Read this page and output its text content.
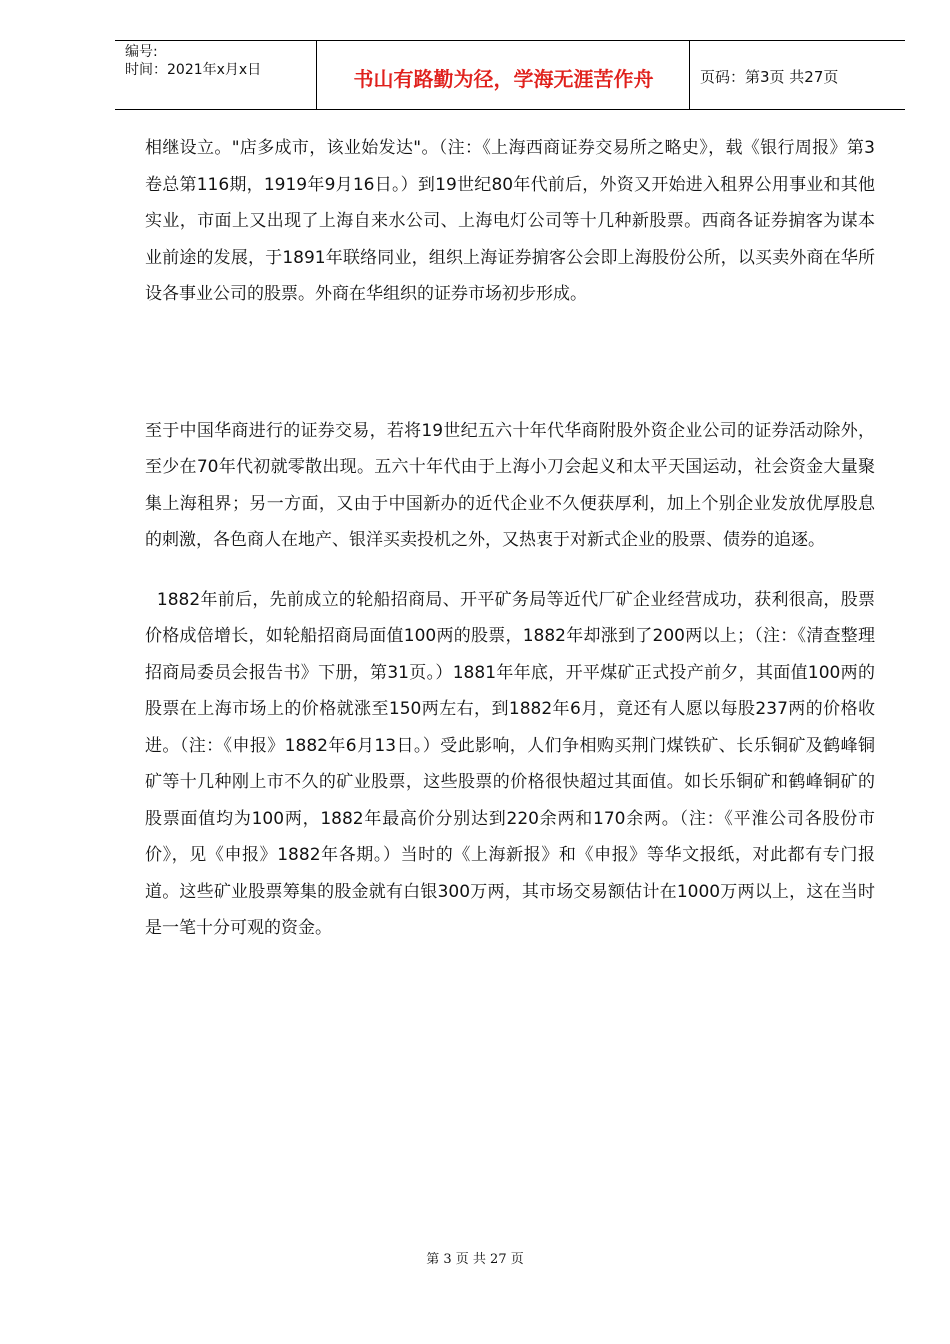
编号:
时间：2021年x月x日	书山有路勤为径，学海无涯苦作舟	页码：第3页 共27页

相继设立。"店多成市，该业始发达"。（注：《上海西商证券交易所之略史》，载《银行周报》第3卷总第116期，1919年9月16日。）到19世纪80年代前后，外资又开始进入租界公用事业和其他实业，市面上又出现了上海自来水公司、上海电灯公司等十几种新股票。西商各证券掮客为谋本业前途的发展，于1891年联络同业，组织上海证券掮客公会即上海股份公所，以买卖外商在华所设各事业公司的股票。外商在华组织的证券市场初步形成。

至于中国华商进行的证券交易，若将19世纪五六十年代华商附股外资企业公司的证券活动除外，至少在70年代初就零散出现。五六十年代由于上海小刀会起义和太平天国运动，社会资金大量聚集上海租界；另一方面，又由于中国新办的近代企业不久便获厚利，加上个别企业发放优厚股息的刺激，各色商人在地产、银洋买卖投机之外，又热衷于对新式企业的股票、债券的追逐。

1882年前后，先前成立的轮船招商局、开平矿务局等近代厂矿企业经营成功，获利很高，股票价格成倍增长，如轮船招商局面值100两的股票，1882年却涨到了200两以上；（注：《清查整理招商局委员会报告书》下册，第31页。）1881年年底，开平煤矿正式投产前夕，其面值100两的股票在上海市场上的价格就涨至150两左右，到1882年6月，竟还有人愿以每股237两的价格收进。（注：《申报》1882年6月13日。）受此影响，人们争相购买荆门煤铁矿、长乐铜矿及鹤峰铜矿等十几种刚上市不久的矿业股票，这些股票的价格很快超过其面值。如长乐铜矿和鹤峰铜矿的股票面值均为100两，1882年最高价分别达到220余两和170余两。（注：《平淮公司各股份市价》，见《申报》1882年各期。）当时的《上海新报》和《申报》等华文报纸，对此都有专门报道。这些矿业股票筹集的股金就有白银300万两，其市场交易额估计在1000万两以上，这在当时是一笔十分可观的资金。

第 3 页 共 27 页
